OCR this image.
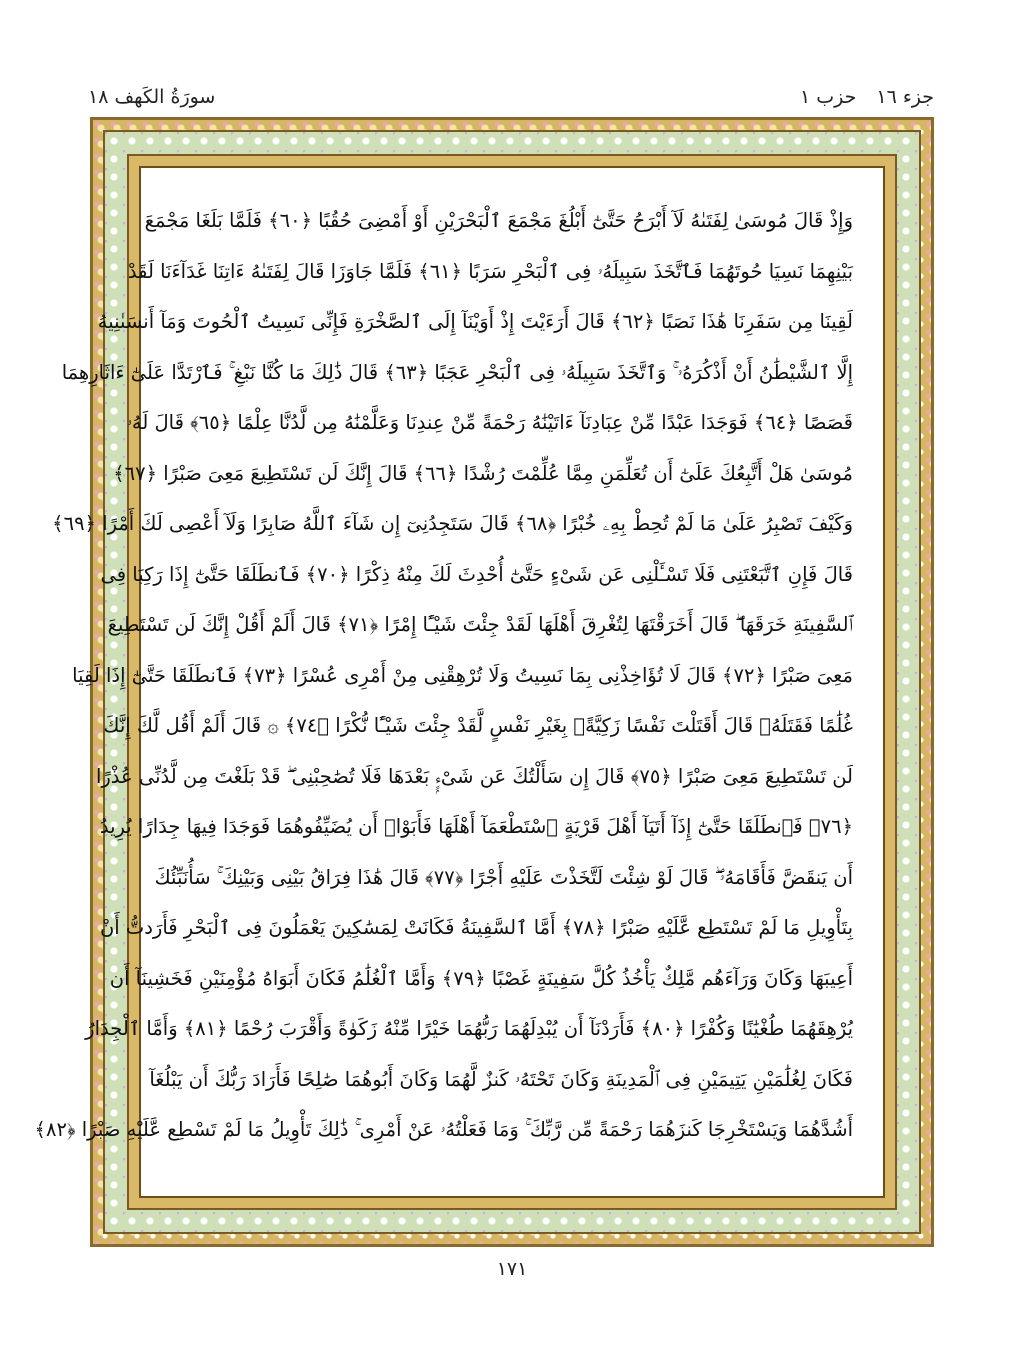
سورَةُ الكَهف ١٨	جزء ١٦ حزب ١
وَإِذْ قَالَ مُوسَىٰ لِفَتَىٰهُ لَآ أَبْرَحُ حَتَّىٰٓ أَبْلُغَ مَجْمَعَ ٱلْبَحْرَيْنِ أَوْ أَمْضِىَ حُقُبًا ﴿٦٠﴾ فَلَمَّا بَلَغَا مَجْمَعَ
بَيْنِهِمَا نَسِيَا حُوتَهُمَا فَٱتَّخَذَ سَبِيلَهُۥ فِى ٱلْبَحْرِ سَرَبًا ﴿٦١﴾ فَلَمَّا جَاوَزَا قَالَ لِفَتَىٰهُ ءَاتِنَا غَدَآءَنَا لَقَدْ
لَقِينَا مِن سَفَرِنَا هَٰذَا نَصَبًا ﴿٦٢﴾ قَالَ أَرَءَيْتَ إِذْ أَوَيْنَآ إِلَى ٱلصَّخْرَةِ فَإِنِّى نَسِيتُ ٱلْحُوتَ وَمَآ أَنسَىٰنِيهُ
إِلَّا ٱلشَّيْطَٰنُ أَنْ أَذْكُرَهُۥ ۚ وَٱتَّخَذَ سَبِيلَهُۥ فِى ٱلْبَحْرِ عَجَبًا ﴿٦٣﴾ قَالَ ذَٰلِكَ مَا كُنَّا نَبْغِ ۚ فَٱرْتَدَّا عَلَىٰٓ ءَاثَارِهِمَا
قَصَصًا ﴿٦٤﴾ فَوَجَدَا عَبْدًا مِّنْ عِبَادِنَآ ءَاتَيْنَٰهُ رَحْمَةً مِّنْ عِندِنَا وَعَلَّمْنَٰهُ مِن لَّدُنَّا عِلْمًا ﴿٦٥﴾ قَالَ لَهُۥ
مُوسَىٰ هَلْ أَتَّبِعُكَ عَلَىٰٓ أَن تُعَلِّمَنِ مِمَّا عُلِّمْتَ رُشْدًا ﴿٦٦﴾ قَالَ إِنَّكَ لَن تَسْتَطِيعَ مَعِىَ صَبْرًا ﴿٦٧﴾
وَكَيْفَ تَصْبِرُ عَلَىٰ مَا لَمْ تُحِطْ بِهِۦ خُبْرًا ﴿٦٨﴾ قَالَ سَتَجِدُنِىٓ إِن شَآءَ ٱللَّهُ صَابِرًا وَلَآ أَعْصِى لَكَ أَمْرًا ﴿٦٩﴾
قَالَ فَإِنِ ٱتَّبَعْتَنِى فَلَا تَسْـَٔلْنِى عَن شَىْءٍ حَتَّىٰٓ أُحْدِثَ لَكَ مِنْهُ ذِكْرًا ﴿٧٠﴾ فَٱنطَلَقَا حَتَّىٰٓ إِذَا رَكِبَا فِى
ٱلسَّفِينَةِ خَرَقَهَا ۖ قَالَ أَخَرَقْتَهَا لِتُغْرِقَ أَهْلَهَا لَقَدْ جِئْتَ شَيْـًٔا إِمْرًا ﴿٧١﴾ قَالَ أَلَمْ أَقُلْ إِنَّكَ لَن تَسْتَطِيعَ
مَعِىَ صَبْرًا ﴿٧٢﴾ قَالَ لَا تُؤَاخِذْنِى بِمَا نَسِيتُ وَلَا تُرْهِقْنِى مِنْ أَمْرِى عُسْرًا ﴿٧٣﴾ فَٱنطَلَقَا حَتَّىٰٓ إِذَا لَقِيَا
غُلَٰمًا فَقَتَلَهُۥ قَالَ أَقَتَلْتَ نَفْسًا زَكِيَّةًۢ بِغَيْرِ نَفْسٍ لَّقَدْ جِئْتَ شَيْـًٔا نُّكْرًا ﴿٧٤﴾ ۞ قَالَ أَلَمْ أَقُل لَّكَ إِنَّكَ
لَن تَسْتَطِيعَ مَعِىَ صَبْرًا ﴿٧٥﴾ قَالَ إِن سَأَلْتُكَ عَن شَىْءٍۭ بَعْدَهَا فَلَا تُصَٰحِبْنِى ۖ قَدْ بَلَغْتَ مِن لَّدُنِّى عُذْرًا
﴿٧٦﴾ فَٱنطَلَقَا حَتَّىٰٓ إِذَآ أَتَيَآ أَهْلَ قَرْيَةٍ ٱسْتَطْعَمَآ أَهْلَهَا فَأَبَوْا۟ أَن يُضَيِّفُوهُمَا فَوَجَدَا فِيهَا جِدَارًا يُرِيدُ
أَن يَنقَضَّ فَأَقَامَهُۥ ۖ قَالَ لَوْ شِئْتَ لَتَّخَذْتَ عَلَيْهِ أَجْرًا ﴿٧٧﴾ قَالَ هَٰذَا فِرَاقُ بَيْنِى وَبَيْنِكَ ۚ سَأُنَبِّئُكَ
بِتَأْوِيلِ مَا لَمْ تَسْتَطِع عَّلَيْهِ صَبْرًا ﴿٧٨﴾ أَمَّا ٱلسَّفِينَةُ فَكَانَتْ لِمَسَٰكِينَ يَعْمَلُونَ فِى ٱلْبَحْرِ فَأَرَدتُّ أَنْ
أَعِيبَهَا وَكَانَ وَرَآءَهُم مَّلِكٌ يَأْخُذُ كُلَّ سَفِينَةٍ غَصْبًا ﴿٧٩﴾ وَأَمَّا ٱلْغُلَٰمُ فَكَانَ أَبَوَاهُ مُؤْمِنَيْنِ فَخَشِينَآ أَن
يُرْهِقَهُمَا طُغْيَٰنًا وَكُفْرًا ﴿٨٠﴾ فَأَرَدْنَآ أَن يُبْدِلَهُمَا رَبُّهُمَا خَيْرًا مِّنْهُ زَكَوٰةً وَأَقْرَبَ رُحْمًا ﴿٨١﴾ وَأَمَّا ٱلْجِدَارُ
فَكَانَ لِغُلَٰمَيْنِ يَتِيمَيْنِ فِى ٱلْمَدِينَةِ وَكَانَ تَحْتَهُۥ كَنزٌ لَّهُمَا وَكَانَ أَبُوهُمَا صَٰلِحًا فَأَرَادَ رَبُّكَ أَن يَبْلُغَآ
أَشُدَّهُمَا وَيَسْتَخْرِجَا كَنزَهُمَا رَحْمَةً مِّن رَّبِّكَ ۚ وَمَا فَعَلْتُهُۥ عَنْ أَمْرِى ۚ ذَٰلِكَ تَأْوِيلُ مَا لَمْ تَسْطِع عَّلَيْهِ صَبْرًا ﴿٨٢﴾
١٧١
